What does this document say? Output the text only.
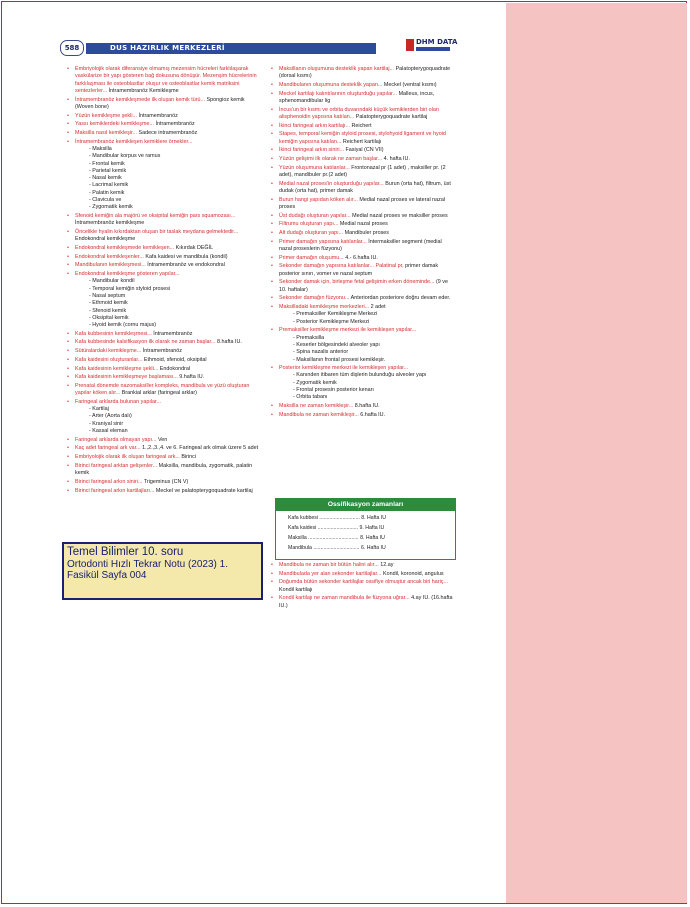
588	DUS HAZIRLIK MERKEZLERİ
DHM DATA
• Embriyolojik olarak diferansiye olmamış mezensim hücreleri farklılaşarak vaskülarize bir yapı gösteren bağ dokusuna dönüşür. Mezenşim hücrelerinin farklılaşması ile osteoblastlar oluşur ve osteoblastlar kemik matriksini sentezlerler... İntramembranöz Kemikleşme
• İntramembranöz kemikleşmede ilk oluşan kemik türü... Spongioz kemik (Woven bone)
• Yüzün kemikleşme şekli... İntramembranöz
• Yassı kemiklerdeki kemikleşme... İntramembranöz
• Maksilla nasıl kemikleşir... Sadece intramembranöz
• İntramembranöz kemikleşen kemiklere örnekler...
- Maksilla
- Mandibular korpus ve ramus
- Frontal kemik
- Parietal kemik
- Nasal kemik
- Lacrimal kemik
- Palatin kemik
- Clavicula ve
- Zygomatik kemik
• Sfenoid kemiğin ala majörü ve oksipital kemiğin pars squamozası... İntramembranöz kemikleşme
• Öncelikle hyalin kıkırdaktan oluşan bir taslak meydana gelmektedir... Endokondral kemikleşme
• Endokondral kemikleşmede kemikleşen... Kıkırdak DEĞİL
• Endokondral kemikleşenler... Kafa kaidesi ve mandibula (kondil)
• Mandibulanın kemikleşmesi... İntramembranöz ve endokondral
• Endokondral kemikleşme gösteren yapılar...
- Mandibular kondil
- Temporal kemiğin styloid prosesi
- Nasal septum
- Ethmoid kemik
- Sfenoid kemik
- Oksipital kemik
- Hyoid kemik (cornu majus)
• Kafa kubbesinin kemikleşmesi... İntramembranöz
• Kafa kubbesinde kalsifikasyon ilk olarak ne zaman başlar... 8.hafta IU.
• Sütüralardaki kemikleşme... İntramembranöz
• Kafa kaidesini oluşturanlar... Ethmoid, sfenoid, oksipital
• Kafa kaidesinin kemikleşme şekli... Endokondral
• Kafa kaidesinin kemikleşmeye başlaması... 9.hafta IU.
• Prenatal dönemde nazomaksiller kompleks, mandibula ve yüzü oluşturan yapılar köken alır... Brankial arklar (faringeal arklar)
• Faringeal arklarda bulunan yapılar...
- Kartilaj
- Arter (Aorta dalı)
- Kraniyal sinir
- Kassal eleman
• Faringeal arklarda olmayan yapı... Ven
• Kaç adet faringeal ark var... 1.,2.,3.,4. ve 6. Faringeal ark olmak üzere 5 adet
• Embriyolojik olarak ilk oluşan faringeal ark... Birinci
• Birinci faringeal arktan gelişenler... Maksilla, mandibula, zygomatik, palatin kemik
• Birinci faringeal arkın siniri... Trigeminus (CN V)
• Birinci faringeal arkın kartilajları... Meckel ve palatopterygoquadrate kartilaj
• Maksillanın oluşumuna destekli̇k yapan kartilaj... Palatopterygoquadrate (dorsal kısmı)
• Mandibulanın oluşumuna destekli̇k yapan... Meckel (ventral kısmı)
• Meckel kartilajı kalıntılarının oluşturduğu yapılar... Malleus, incus, sphenomandibular lig
• İncus'un bir kısmı ve orbita duvarındaki küçük kemiklerden biri olan alisphenoidin yapısına katılan... Palatopterygoquadrate kartilaj
• İkinci faringeal arkın kartilajı... Reichert
• Stapes, temporal kemiğin styloid prosesi, stylohyoid ligament ve hyoid kemiğin yapısına katılan... Reichert kartilajı
• İkinci faringeal arkın siniri... Fasiyal (CN VII)
• Yüzün gelişimi ilk olarak ne zaman başlar... 4. hafta IU.
• Yüzün oluşumuna katılanlar... Frontonazal pr (1 adet) , maksiller pr. (2 adet), mandibuler pr.(2 adet)
• Medial nazal proses'in oluşturduğu yapılar... Burun (orta hat), filtrum, üst dudak (orta hat), primer damak
• Burun hangi yapıdan köken alır... Medial nazal proses ve lateral nazal proses
• Üst dudağı oluşturan yapılar... Medial nazal proses ve maksiller proses
• Filtrumu oluşturan yapı... Medial nazal proses
• Alt dudağı oluşturan yapı... Mandibuler proses
• Primer damağın yapısına katılanlar... İntermaksiller segment (medial nazal proseslerin füzyonu)
• Primer damağın oluşumu... 4.- 6.hafta IU.
• Sekonder damağın yapısına katılanlar... Palatinal pr, primer damak posterior sınırı, vomer ve nazal septum
• Sekonder damak için, birleşme fetal gelişimin erken döneminde... (9 ve 10. haftalar)
• Sekonder damağın füzyonu... Anteriordan posteriore doğru devam eder.
• Maksilladaki kemikleşme merkezleri... 2 adet
- Premaksiller Kemikleşme Merkezi
- Posterior Kemikleşme Merkezi
• Premaksiller kemikleşme merkezi ile kemikleşen yapılar...
- Premaksilla
- Keserler bölgesindeki alveoler yapı
- Spina nazalis anterior
- Maksillanın frontal prosesi kemikleşir.
• Posterior kemikleşme merkezi ile kemikleşen yapılar...
- Kanınden itibaren tüm dişlerin bulunduğu alveoler yapı
- Zygomatik kemik
- Frontal prosesin posterior kenarı
- Orbita tabanı
• Maksilla ne zaman kemikleşir... 8.hafta IU.
• Mandibula ne zaman kemikleşir... 6.hafta IU.
Ossifikasyon zamanları
Kafa kubbesi ............................ 8. Hafta IU
Kafa kaidesi ............................ 9. Hafta IU
Maksilla ................................... 8. Hafta IU
Mandibula ................................ 6. Hafta IU
• Mandibula ne zaman bir bütün halini alır... 12.ay
• Mandibulada yer alan sekonder kartilajlar... Kondil, koronoid, angulus
• Doğumda bütün sekonder kartilajlar ossifiye olmuştur ancak biri hariç... Kondil kartilajı
• Kondil kartilajı ne zaman mandibula ile füzyona uğrar... 4.ay IU. (16.hafta IU.)
Temel Bilimler 10. soru
Ortodonti Hızlı Tekrar Notu (2023) 1.
Fasikül Sayfa 004
